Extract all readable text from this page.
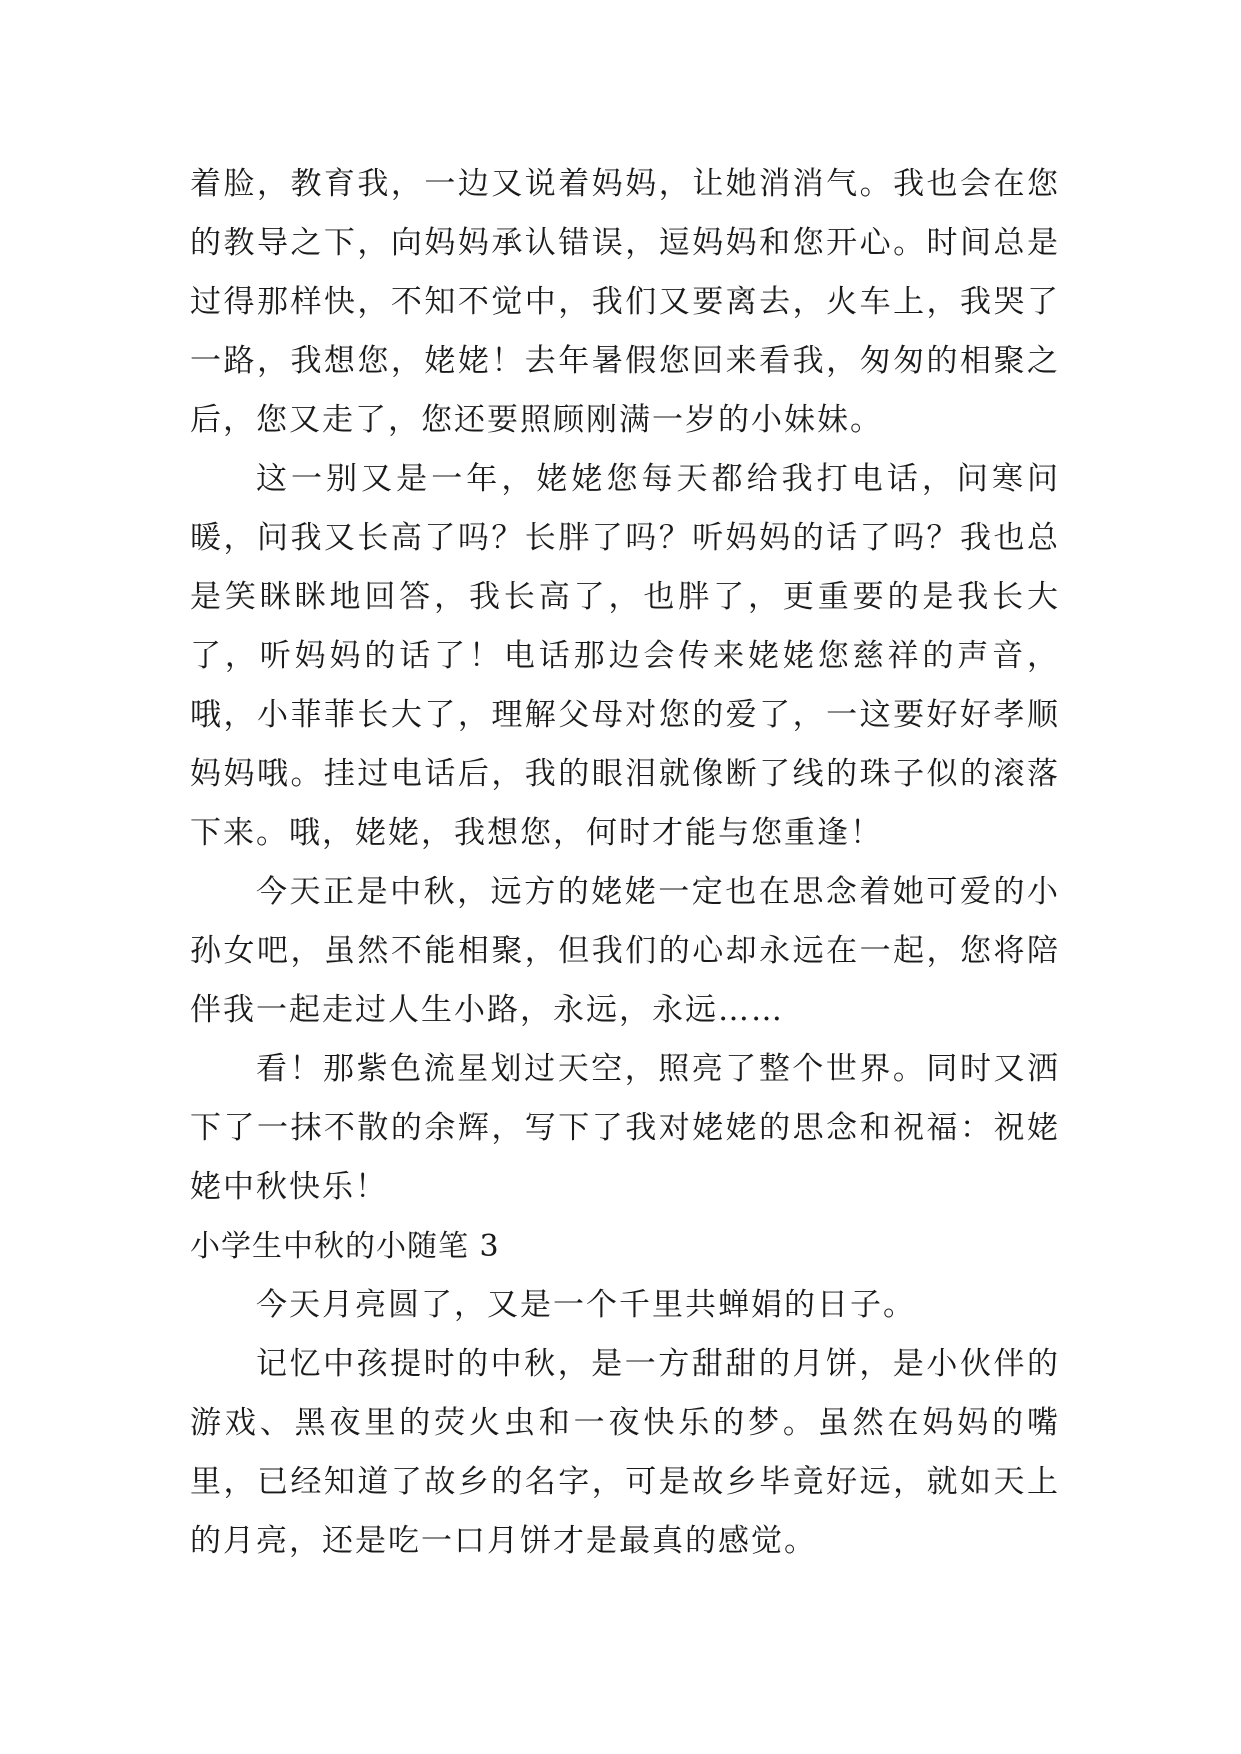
着脸，教育我，一边又说着妈妈，让她消消气。我也会在您的教导之下，向妈妈承认错误，逗妈妈和您开心。时间总是过得那样快，不知不觉中，我们又要离去，火车上，我哭了一路，我想您，姥姥！去年暑假您回来看我，匆匆的相聚之后，您又走了，您还要照顾刚满一岁的小妹妹。

这一别又是一年，姥姥您每天都给我打电话，问寒问暖，问我又长高了吗？长胖了吗？听妈妈的话了吗？我也总是笑眯眯地回答，我长高了，也胖了，更重要的是我长大了，听妈妈的话了！电话那边会传来姥姥您慈祥的声音，哦，小菲菲长大了，理解父母对您的爱了，一这要好好孝顺妈妈哦。挂过电话后，我的眼泪就像断了线的珠子似的滚落下来。哦，姥姥，我想您，何时才能与您重逢！

今天正是中秋，远方的姥姥一定也在思念着她可爱的小孙女吧，虽然不能相聚，但我们的心却永远在一起，您将陪伴我一起走过人生小路，永远，永远……

看！那紫色流星划过天空，照亮了整个世界。同时又洒下了一抹不散的余辉，写下了我对姥姥的思念和祝福：祝姥姥中秋快乐！

小学生中秋的小随笔 3

今天月亮圆了，又是一个千里共蝉娟的日子。

记忆中孩提时的中秋，是一方甜甜的月饼，是小伙伴的游戏、黑夜里的荧火虫和一夜快乐的梦。虽然在妈妈的嘴里，已经知道了故乡的名字，可是故乡毕竟好远，就如天上的月亮，还是吃一口月饼才是最真的感觉。
